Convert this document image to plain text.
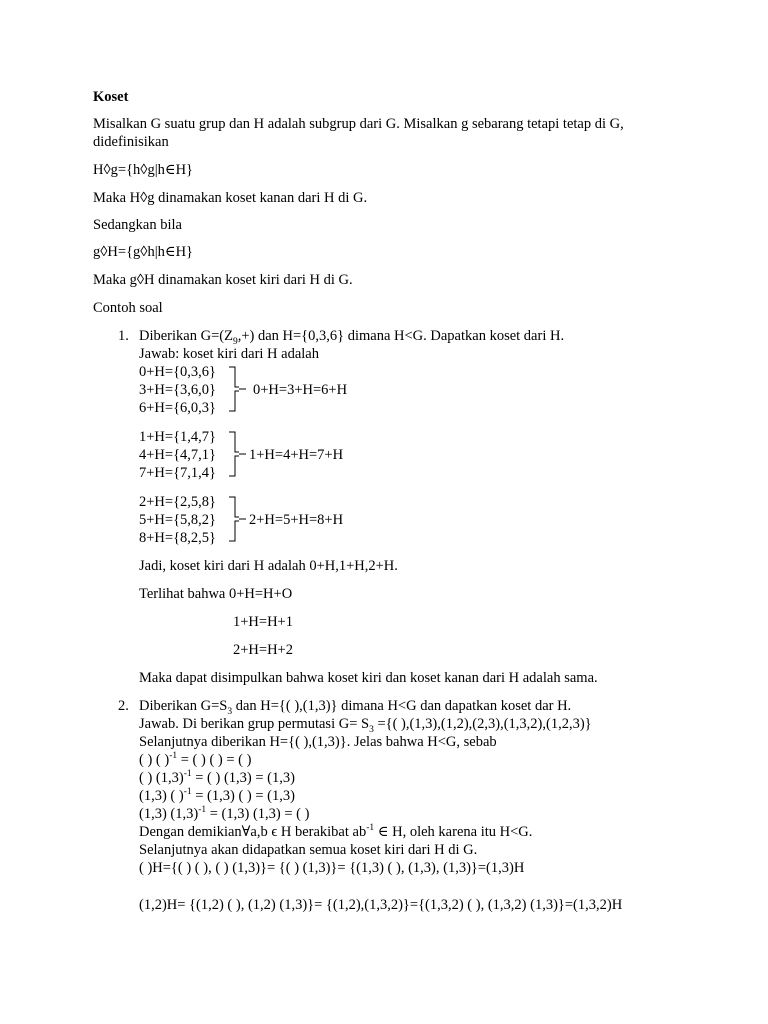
Koset
Misalkan G suatu grup dan H adalah subgrup dari G. Misalkan g sebarang tetapi tetap di G,
didefinisikan
H◊g={h◊g|h∈H}
Maka H◊g dinamakan koset kanan dari H di G.
Sedangkan bila
g◊H={g◊h|h∈H}
Maka g◊H dinamakan koset kiri dari H di G.
Contoh soal
1. Diberikan $G=(Z_9,+)$ dan H={0,3,6} dimana H<G. Dapatkan koset dari H.
Jawab: koset kiri dari H adalah
0+H={0,3,6}
3+H={3,6,0}
6+H={6,0,3}
0+H=3+H=6+H
1+H={1,4,7}
4+H={4,7,1}
7+H={7,1,4}
1+H=4+H=7+H
2+H={2,5,8}
5+H={5,8,2}
8+H={8,2,5}
2+H=5+H=8+H
Jadi, koset kiri dari H adalah 0+H,1+H,2+H.
Terlihat bahwa 0+H=H+O
1+H=H+1
2+H=H+2
Maka dapat disimpulkan bahwa koset kiri dan koset kanan dari H adalah sama.
2. Diberikan $G=S_3$ dan H={( ),(1,3)} dimana H<G dan dapatkan koset dar H.
Jawab. Di berikan grup permutasi $G= S_3$ ={( ),(1,3),(1,2),(2,3),(1,3,2),(1,2,3)}
Selanjutnya diberikan H={( ),(1,3)}. Jelas bahwa H<G, sebab
( ) ( )$^{-1}$ = ( ) ( ) = ( )
( ) $(1,3)^{-1}$ = ( ) (1,3) = (1,3)
(1,3) ( )$^{-1}$ = (1,3) ( ) = (1,3)
(1,3) $(1,3)^{-1} = (1,3) (1,3)$ = ( )
Dengan demikian∀a,b ϵ H berakibat $ab^{-1}$ ∈ H, oleh karena itu H<G.
Selanjutnya akan didapatkan semua koset kiri dari H di G.
( )H={( ) ( ), ( ) (1,3)}= {( ) (1,3)}= {(1,3) ( ), (1,3), (1,3)}=(1,3)H
(1,2)H= {(1,2) ( ), (1,2) (1,3)}= {(1,2),(1,3,2)}={(1,3,2) ( ), (1,3,2) (1,3)}=(1,3,2)H
